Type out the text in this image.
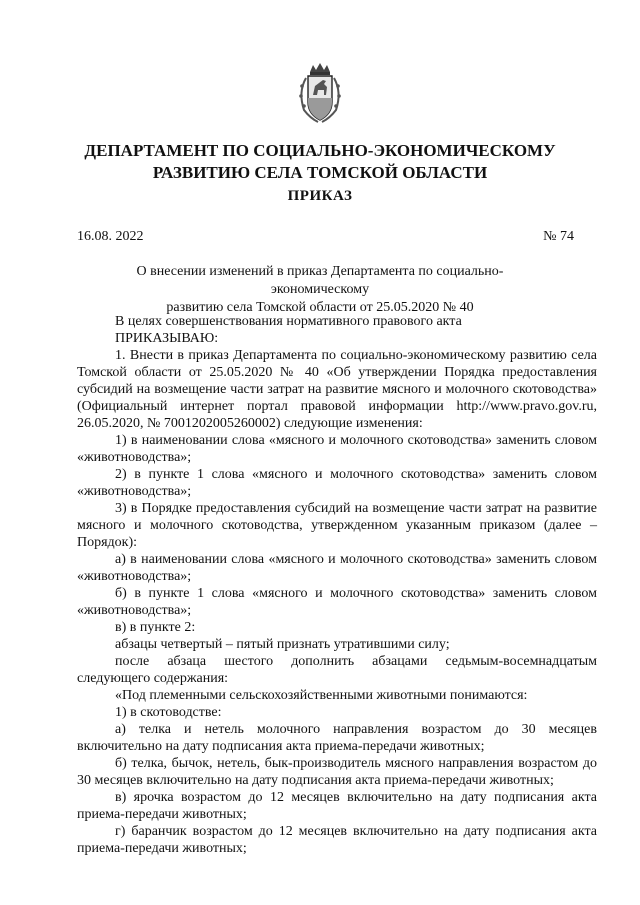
ДЕПАРТАМЕНТ ПО СОЦИАЛЬНО-ЭКОНОМИЧЕСКОМУ
РАЗВИТИЮ СЕЛА ТОМСКОЙ ОБЛАСТИ
ПРИКАЗ
16.08. 2022	№ 74
О внесении изменений в приказ Департамента по социально-экономическому
развитию села Томской области от 25.05.2020 № 40

В целях совершенствования нормативного правового акта

ПРИКАЗЫВАЮ:

1. Внести в приказ Департамента по социально-экономическому развитию села Томской области от 25.05.2020 № 40 «Об утверждении Порядка предоставления субсидий на возмещение части затрат на развитие мясного и молочного скотоводства» (Официальный интернет портал правовой информации http://www.pravo.gov.ru, 26.05.2020, № 7001202005260002) следующие изменения:

1) в наименовании слова «мясного и молочного скотоводства» заменить словом «животноводства»;

2) в пункте 1 слова «мясного и молочного скотоводства» заменить словом «животноводства»;

3) в Порядке предоставления субсидий на возмещение части затрат на развитие мясного и молочного скотоводства, утвержденном указанным приказом (далее – Порядок):

а) в наименовании слова «мясного и молочного скотоводства» заменить словом «животноводства»;

б) в пункте 1 слова «мясного и молочного скотоводства» заменить словом «животноводства»;

в) в пункте 2:

абзацы четвертый – пятый признать утратившими силу;

после абзаца шестого дополнить абзацами седьмым-восемнадцатым следующего содержания:

«Под племенными сельскохозяйственными животными понимаются:

1) в скотоводстве:

а) телка и нетель молочного направления возрастом до 30 месяцев включительно на дату подписания акта приема-передачи животных;

б) телка, бычок, нетель, бык-производитель мясного направления возрастом до 30 месяцев включительно на дату подписания акта приема-передачи животных;

в) ярочка возрастом до 12 месяцев включительно на дату подписания акта приема-передачи животных;

г) баранчик возрастом до 12 месяцев включительно на дату подписания акта приема-передачи животных;
